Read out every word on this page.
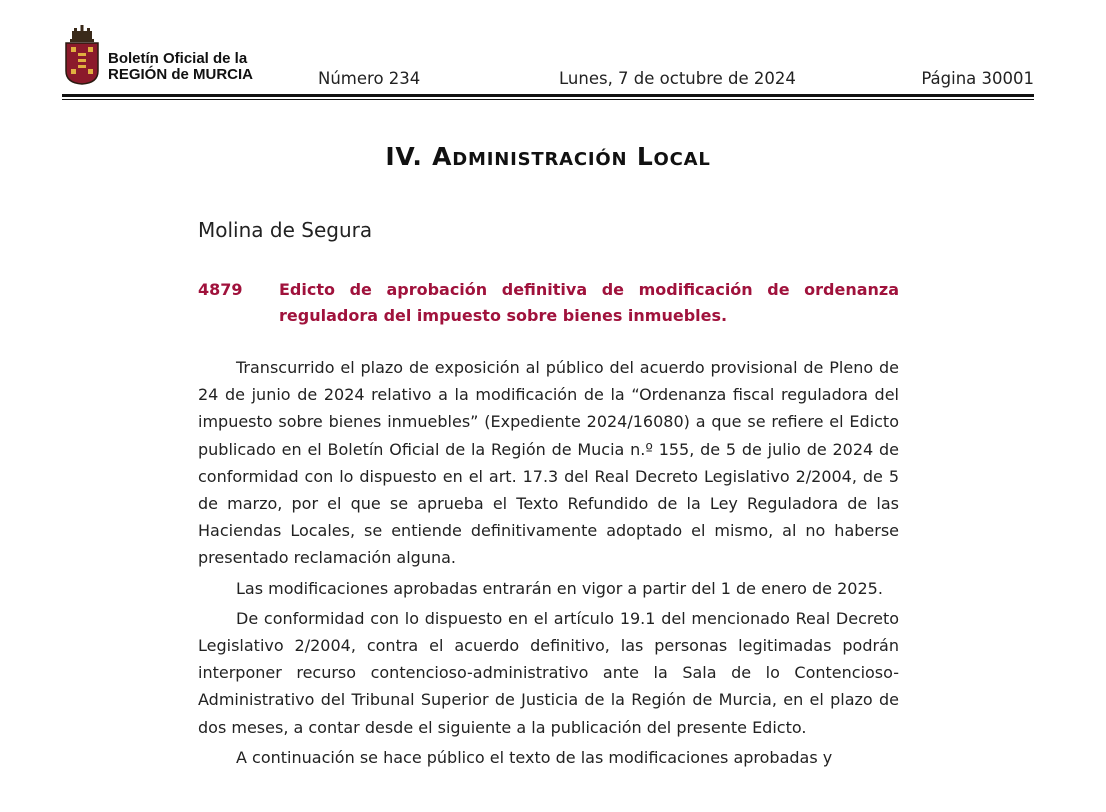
Boletín Oficial de la
REGIÓN de MURCIA	Número 234	Lunes, 7 de octubre de 2024	Página 30001
IV. Administración Local
Molina de Segura
4879 Edicto de aprobación definitiva de modificación de ordenanza reguladora del impuesto sobre bienes inmuebles.

Transcurrido el plazo de exposición al público del acuerdo provisional de Pleno de 24 de junio de 2024 relativo a la modificación de la “Ordenanza fiscal reguladora del impuesto sobre bienes inmuebles” (Expediente 2024/16080) a que se refiere el Edicto publicado en el Boletín Oficial de la Región de Mucia n.º 155, de 5 de julio de 2024 de conformidad con lo dispuesto en el art. 17.3 del Real Decreto Legislativo 2/2004, de 5 de marzo, por el que se aprueba el Texto Refundido de la Ley Reguladora de las Haciendas Locales, se entiende definitivamente adoptado el mismo, al no haberse presentado reclamación alguna.

Las modificaciones aprobadas entrarán en vigor a partir del 1 de enero de 2025.

De conformidad con lo dispuesto en el artículo 19.1 del mencionado Real Decreto Legislativo 2/2004, contra el acuerdo definitivo, las personas legitimadas podrán interponer recurso contencioso-administrativo ante la Sala de lo Contencioso-Administrativo del Tribunal Superior de Justicia de la Región de Murcia, en el plazo de dos meses, a contar desde el siguiente a la publicación del presente Edicto.

A continuación se hace público el texto de las modificaciones aprobadas y
